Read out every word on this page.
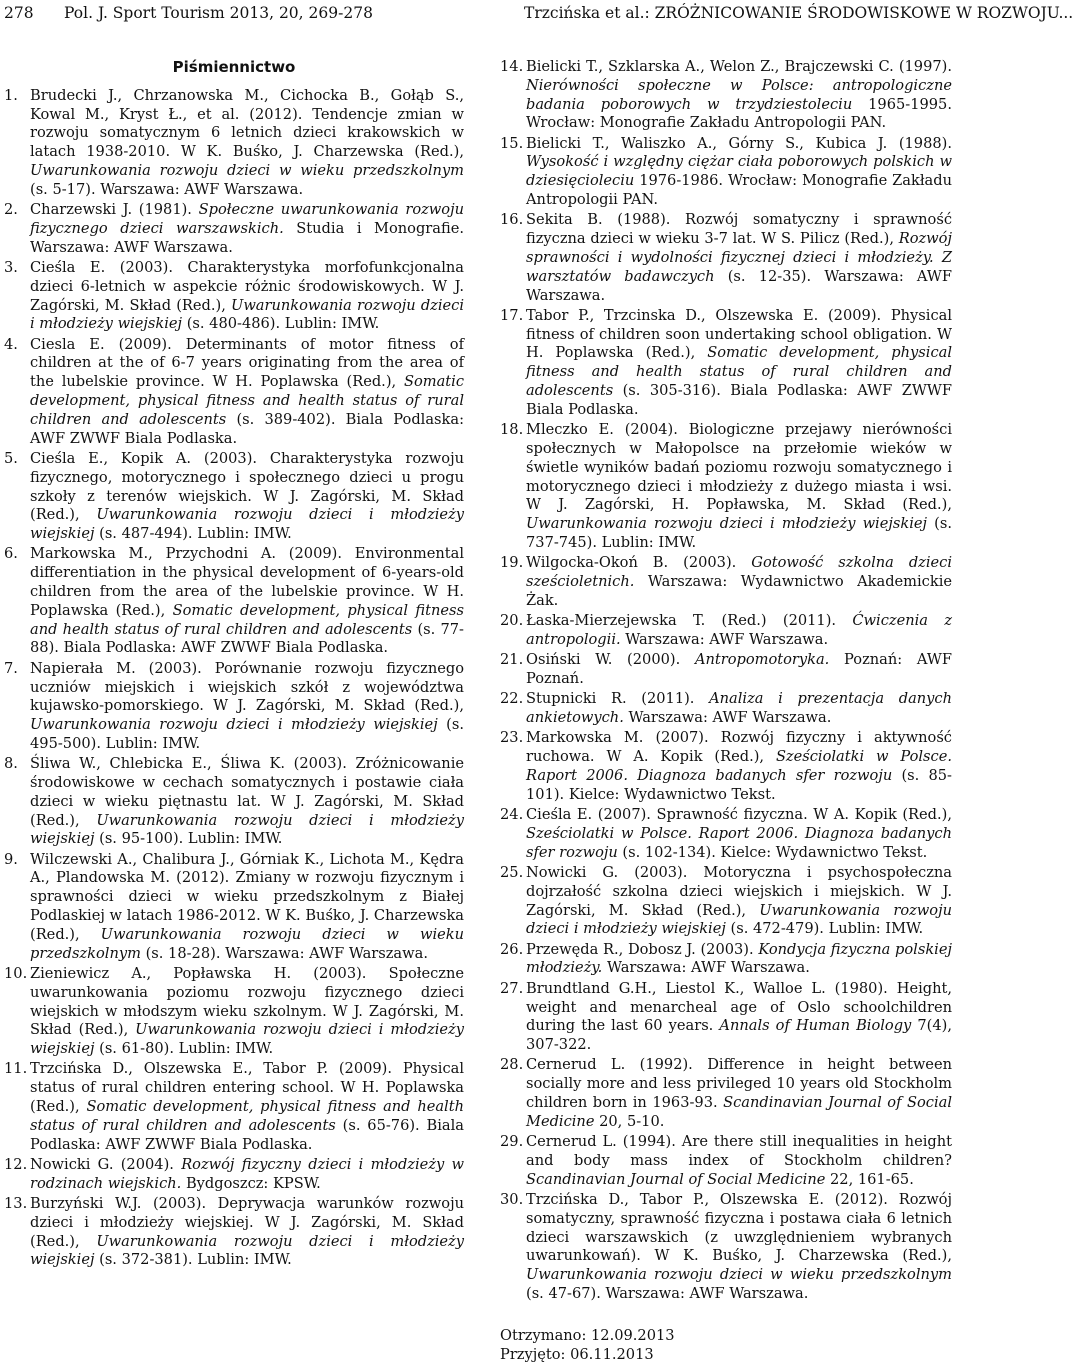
278 Pol. J. Sport Tourism 2013, 20, 269-278	Trzcińska et al.: ZRÓŻNICOWANIE ŚRODOWISKOWE W ROZWOJU...
Piśmiennictwo
1. Brudecki J., Chrzanowska M., Cichocka B., Gołąb S., Kowal M., Kryst Ł., et al. (2012). Tendencje zmian w rozwoju somatycznym 6 letnich dzieci krakowskich w latach 1938-2010. W K. Buśko, J. Charzewska (Red.), Uwarunkowania rozwoju dzieci w wieku przedszkolnym (s. 5-17). Warszawa: AWF Warszawa.
2. Charzewski J. (1981). Społeczne uwarunkowania rozwoju fizycznego dzieci warszawskich. Studia i Monografie. Warszawa: AWF Warszawa.
3. Cieśla E. (2003). Charakterystyka morfofunkcjonalna dzieci 6-letnich w aspekcie różnic środowiskowych. W J. Zagórski, M. Skład (Red.), Uwarunkowania rozwoju dzieci i młodzieży wiejskiej (s. 480-486). Lublin: IMW.
4. Ciesla E. (2009). Determinants of motor fitness of children at the of 6-7 years originating from the area of the lubelskie province. W H. Poplawska (Red.), Somatic development, physical fitness and health status of rural children and adolescents (s. 389-402). Biala Podlaska: AWF ZWWF Biala Podlaska.
5. Cieśla E., Kopik A. (2003). Charakterystyka rozwoju fizycznego, motorycznego i społecznego dzieci u progu szkoły z terenów wiejskich. W J. Zagórski, M. Skład (Red.), Uwarunkowania rozwoju dzieci i młodzieży wiejskiej (s. 487-494). Lublin: IMW.
6. Markowska M., Przychodni A. (2009). Environmental differentiation in the physical development of 6-years-old children from the area of the lubelskie province. W H. Poplawska (Red.), Somatic development, physical fitness and health status of rural children and adolescents (s. 77-88). Biala Podlaska: AWF ZWWF Biala Podlaska.
7. Napierała M. (2003). Porównanie rozwoju fizycznego uczniów miejskich i wiejskich szkół z województwa kujawsko-pomorskiego. W J. Zagórski, M. Skład (Red.), Uwarunkowania rozwoju dzieci i młodzieży wiejskiej (s. 495-500). Lublin: IMW.
8. Śliwa W., Chlebicka E., Śliwa K. (2003). Zróżnicowanie środowiskowe w cechach somatycznych i postawie ciała dzieci w wieku piętnastu lat. W J. Zagórski, M. Skład (Red.), Uwarunkowania rozwoju dzieci i młodzieży wiejskiej (s. 95-100). Lublin: IMW.
9. Wilczewski A., Chalibura J., Górniak K., Lichota M., Kędra A., Plandowska M. (2012). Zmiany w rozwoju fizycznym i sprawności dzieci w wieku przedszkolnym z Białej Podlaskiej w latach 1986-2012. W K. Buśko, J. Charzewska (Red.), Uwarunkowania rozwoju dzieci w wieku przedszkolnym (s. 18-28). Warszawa: AWF Warszawa.
10. Zieniewicz A., Popławska H. (2003). Społeczne uwarunkowania poziomu rozwoju fizycznego dzieci wiejskich w młodszym wieku szkolnym. W J. Zagórski, M. Skład (Red.), Uwarunkowania rozwoju dzieci i młodzieży wiejskiej (s. 61-80). Lublin: IMW.
11. Trzcińska D., Olszewska E., Tabor P. (2009). Physical status of rural children entering school. W H. Poplawska (Red.), Somatic development, physical fitness and health status of rural children and adolescents (s. 65-76). Biala Podlaska: AWF ZWWF Biala Podlaska.
12. Nowicki G. (2004). Rozwój fizyczny dzieci i młodzieży w rodzinach wiejskich. Bydgoszcz: KPSW.
13. Burzyński W.J. (2003). Deprywacja warunków rozwoju dzieci i młodzieży wiejskiej. W J. Zagórski, M. Skład (Red.), Uwarunkowania rozwoju dzieci i młodzieży wiejskiej (s. 372-381). Lublin: IMW.
14. Bielicki T., Szklarska A., Welon Z., Brajczewski C. (1997). Nierówności społeczne w Polsce: antropologiczne badania poborowych w trzydziestoleciu 1965-1995. Wrocław: Monografie Zakładu Antropologii PAN.
15. Bielicki T., Waliszko A., Górny S., Kubica J. (1988). Wysokość i względny ciężar ciała poborowych polskich w dziesięcioleciu 1976-1986. Wrocław: Monografie Zakładu Antropologii PAN.
16. Sekita B. (1988). Rozwój somatyczny i sprawność fizyczna dzieci w wieku 3-7 lat. W S. Pilicz (Red.), Rozwój sprawności i wydolności fizycznej dzieci i młodzieży. Z warsztatów badawczych (s. 12-35). Warszawa: AWF Warszawa.
17. Tabor P., Trzcinska D., Olszewska E. (2009). Physical fitness of children soon undertaking school obligation. W H. Poplawska (Red.), Somatic development, physical fitness and health status of rural children and adolescents (s. 305-316). Biala Podlaska: AWF ZWWF Biala Podlaska.
18. Mleczko E. (2004). Biologiczne przejawy nierówności społecznych w Małopolsce na przełomie wieków w świetle wyników badań poziomu rozwoju somatycznego i motorycznego dzieci i młodzieży z dużego miasta i wsi. W J. Zagórski, H. Popławska, M. Skład (Red.), Uwarunkowania rozwoju dzieci i młodzieży wiejskiej (s. 737-745). Lublin: IMW.
19. Wilgocka-Okoń B. (2003). Gotowość szkolna dzieci sześcioletnich. Warszawa: Wydawnictwo Akademickie Żak.
20. Łaska-Mierzejewska T. (Red.) (2011). Ćwiczenia z antropologii. Warszawa: AWF Warszawa.
21. Osiński W. (2000). Antropomotoryka. Poznań: AWF Poznań.
22. Stupnicki R. (2011). Analiza i prezentacja danych ankietowych. Warszawa: AWF Warszawa.
23. Markowska M. (2007). Rozwój fizyczny i aktywność ruchowa. W A. Kopik (Red.), Sześciolatki w Polsce. Raport 2006. Diagnoza badanych sfer rozwoju (s. 85-101). Kielce: Wydawnictwo Tekst.
24. Cieśla E. (2007). Sprawność fizyczna. W A. Kopik (Red.), Sześciolatki w Polsce. Raport 2006. Diagnoza badanych sfer rozwoju (s. 102-134). Kielce: Wydawnictwo Tekst.
25. Nowicki G. (2003). Motoryczna i psychospołeczna dojrzałość szkolna dzieci wiejskich i miejskich. W J. Zagórski, M. Skład (Red.), Uwarunkowania rozwoju dzieci i młodzieży wiejskiej (s. 472-479). Lublin: IMW.
26. Przewęda R., Dobosz J. (2003). Kondycja fizyczna polskiej młodzieży. Warszawa: AWF Warszawa.
27. Brundtland G.H., Liestol K., Walloe L. (1980). Height, weight and menarcheal age of Oslo schoolchildren during the last 60 years. Annals of Human Biology 7(4), 307-322.
28. Cernerud L. (1992). Difference in height between socially more and less privileged 10 years old Stockholm children born in 1963-93. Scandinavian Journal of Social Medicine 20, 5-10.
29. Cernerud L. (1994). Are there still inequalities in height and body mass index of Stockholm children? Scandinavian Journal of Social Medicine 22, 161-65.
30. Trzcińska D., Tabor P., Olszewska E. (2012). Rozwój somatyczny, sprawność fizyczna i postawa ciała 6 letnich dzieci warszawskich (z uwzględnieniem wybranych uwarunkowań). W K. Buśko, J. Charzewska (Red.), Uwarunkowania rozwoju dzieci w wieku przedszkolnym (s. 47-67). Warszawa: AWF Warszawa.
Otrzymano: 12.09.2013
Przyjęto: 06.11.2013
